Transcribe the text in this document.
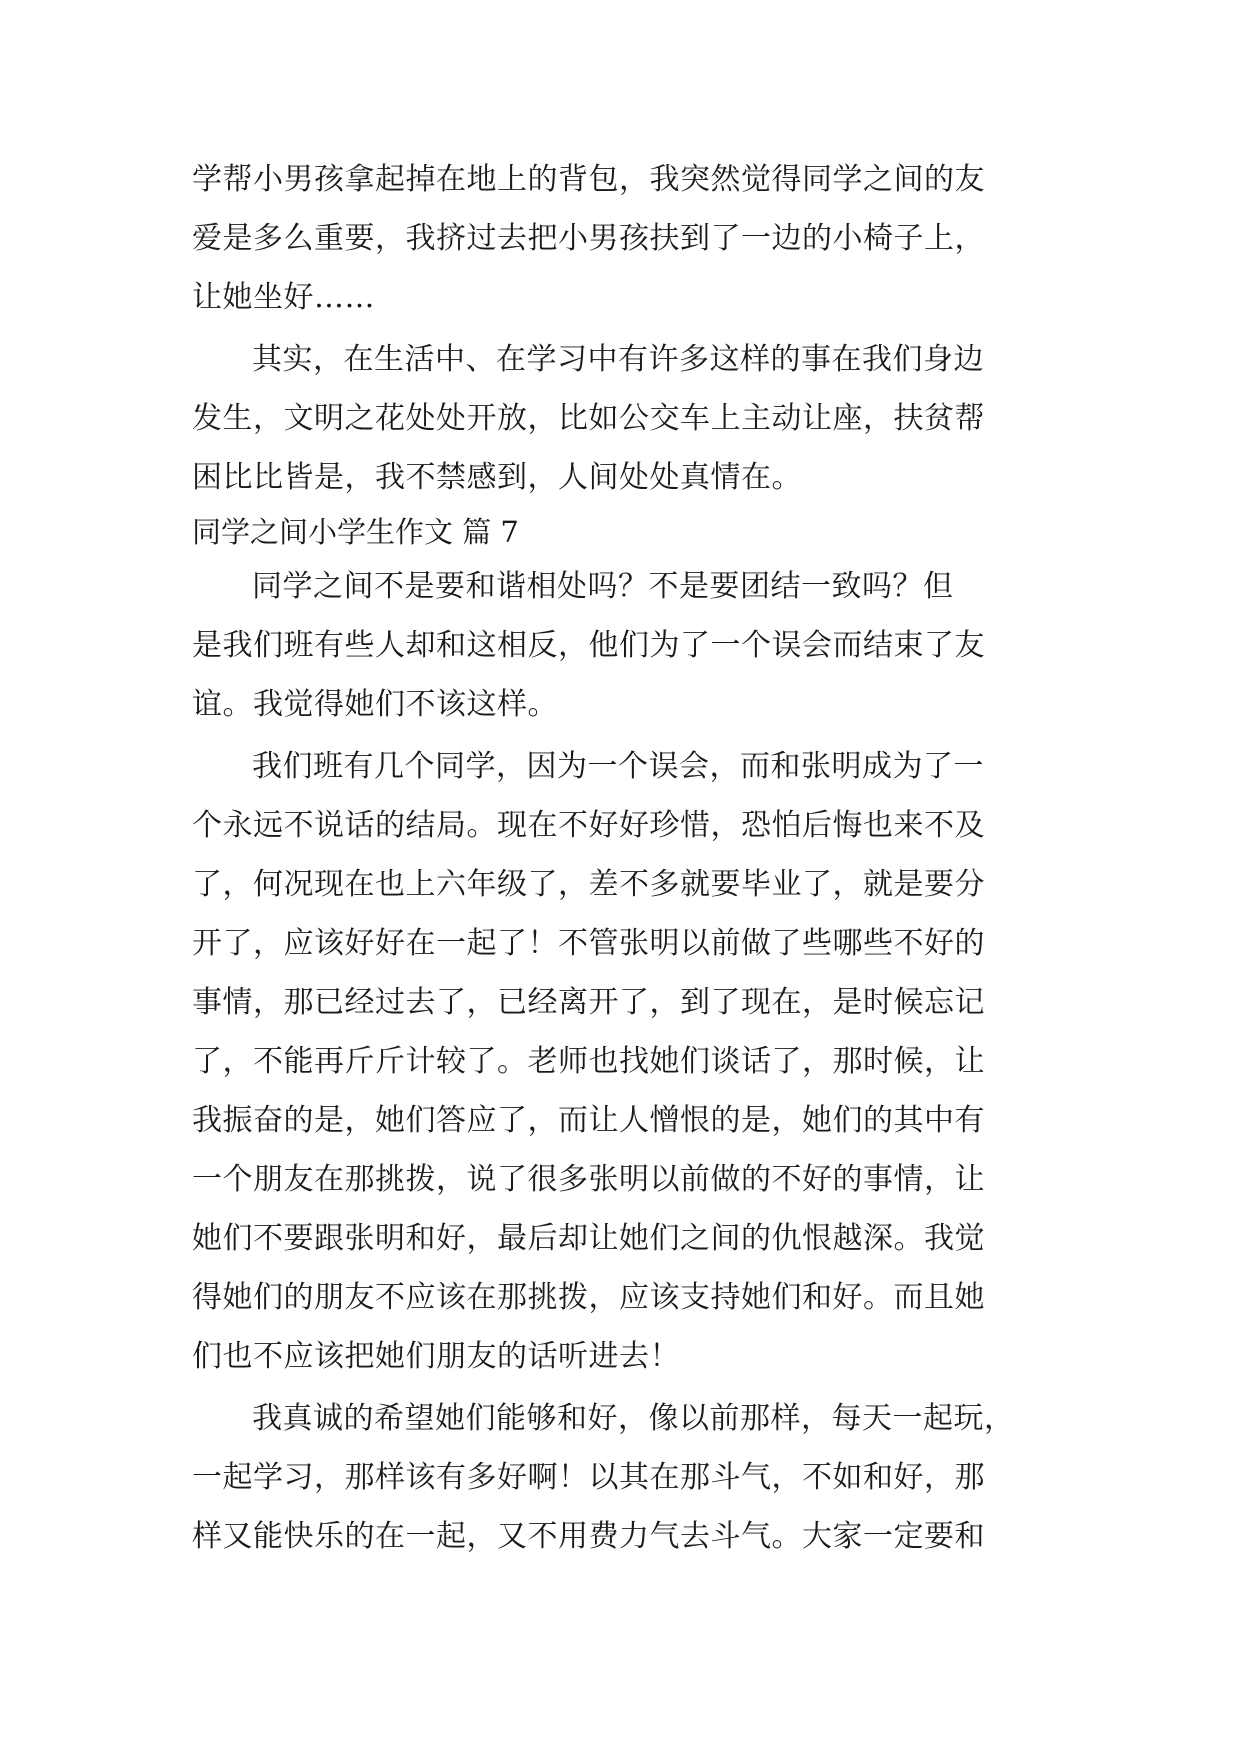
学帮小男孩拿起掉在地上的背包，我突然觉得同学之间的友
爱是多么重要，我挤过去把小男孩扶到了一边的小椅子上，
让她坐好……

其实，在生活中、在学习中有许多这样的事在我们身边
发生，文明之花处处开放，比如公交车上主动让座，扶贫帮
困比比皆是，我不禁感到，人间处处真情在。

同学之间小学生作文 篇 7

同学之间不是要和谐相处吗？不是要团结一致吗？但
是我们班有些人却和这相反，他们为了一个误会而结束了友
谊。我觉得她们不该这样。

我们班有几个同学，因为一个误会，而和张明成为了一
个永远不说话的结局。现在不好好珍惜，恐怕后悔也来不及
了，何况现在也上六年级了，差不多就要毕业了，就是要分
开了，应该好好在一起了！不管张明以前做了些哪些不好的
事情，那已经过去了，已经离开了，到了现在，是时候忘记
了，不能再斤斤计较了。老师也找她们谈话了，那时候，让
我振奋的是，她们答应了，而让人憎恨的是，她们的其中有
一个朋友在那挑拨，说了很多张明以前做的不好的事情，让
她们不要跟张明和好，最后却让她们之间的仇恨越深。我觉
得她们的朋友不应该在那挑拨，应该支持她们和好。而且她
们也不应该把她们朋友的话听进去！

我真诚的希望她们能够和好，像以前那样，每天一起玩，
一起学习，那样该有多好啊！以其在那斗气，不如和好，那
样又能快乐的在一起，又不用费力气去斗气。大家一定要和
